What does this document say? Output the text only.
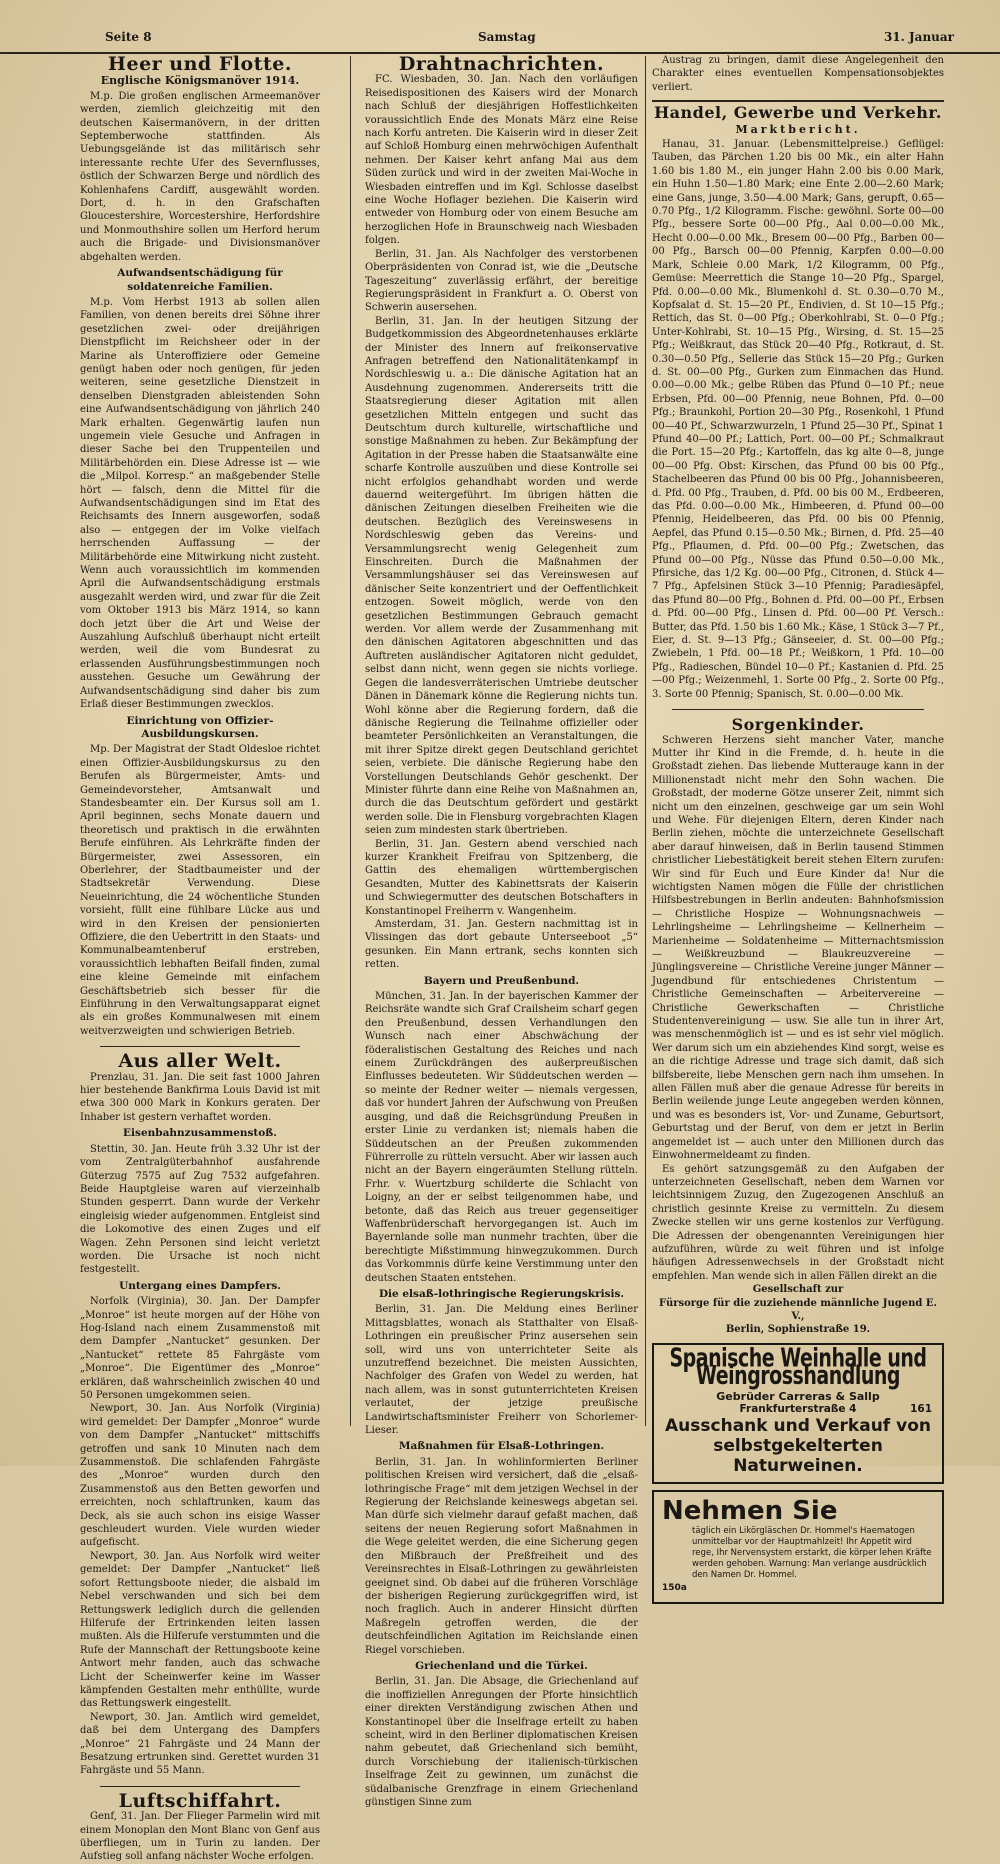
Seite 8	Samstag	31. Januar
Heer und Flotte.
Englische Königsmanöver 1914.

M.p. Die großen englischen Armeemanöver werden, ziemlich gleichzeitig mit den deutschen Kaisermanövern, in der dritten Septemberwoche stattfinden. Als Uebungsgelände ist das militärisch sehr interessante rechte Ufer des Severnflusses, östlich der Schwarzen Berge und nördlich des Kohlenhafens Cardiff, ausgewählt worden. Dort, d. h. in den Grafschaften Gloucestershire, Worcestershire, Herfordshire und Monmouthshire sollen um Herford herum auch die Brigade- und Divisionsmanöver abgehalten werden.

Aufwandsentschädigung für soldatenreiche Familien.

M.p. Vom Herbst 1913 ab sollen allen Familien, von denen bereits drei Söhne ihrer gesetzlichen zwei- oder dreijährigen Dienstpflicht im Reichsheer oder in der Marine als Unteroffiziere oder Gemeine genügt haben oder noch genügen, für jeden weiteren, seine gesetzliche Dienstzeit in denselben Dienstgraden ableistenden Sohn eine Aufwandsentschädigung von jährlich 240 Mark erhalten. Gegenwärtig laufen nun ungemein viele Gesuche und Anfragen in dieser Sache bei den Truppenteilen und Militärbehörden ein. Diese Adresse ist — wie die „Milpol. Korresp.“ an maßgebender Stelle hört — falsch, denn die Mittel für die Aufwandsentschädigungen sind im Etat des Reichsamts des Innern ausgeworfen, sodaß also — entgegen der im Volke vielfach herrschenden Auffassung — der Militärbehörde eine Mitwirkung nicht zusteht. Wenn auch voraussichtlich im kommenden April die Aufwandsentschädigung erstmals ausgezahlt werden wird, und zwar für die Zeit vom Oktober 1913 bis März 1914, so kann doch jetzt über die Art und Weise der Auszahlung Aufschluß überhaupt nicht erteilt werden, weil die vom Bundesrat zu erlassenden Ausführungsbestimmungen noch ausstehen. Gesuche um Gewährung der Aufwandsentschädigung sind daher bis zum Erlaß dieser Bestimmungen zwecklos.

Einrichtung von Offizier-Ausbildungskursen.

Mp. Der Magistrat der Stadt Oldesloe richtet einen Offizier-Ausbildungskursus zu den Berufen als Bürgermeister, Amts- und Gemeindevorsteher, Amtsanwalt und Standesbeamter ein. Der Kursus soll am 1. April beginnen, sechs Monate dauern und theoretisch und praktisch in die erwähnten Berufe einführen. Als Lehrkräfte finden der Bürgermeister, zwei Assessoren, ein Oberlehrer, der Stadtbaumeister und der Stadtsekretär Verwendung. Diese Neueinrichtung, die 24 wöchentliche Stunden vorsieht, füllt eine fühlbare Lücke aus und wird in den Kreisen der pensionierten Offiziere, die den Uebertritt in den Staats- und Kommunalbeamtenberuf erstreben, voraussichtlich lebhaften Beifall finden, zumal eine kleine Gemeinde mit einfachem Geschäftsbetrieb sich besser für die Einführung in den Verwaltungsapparat eignet als ein großes Kommunalwesen mit einem weitverzweigten und schwierigen Betrieb.

Aus aller Welt.

Prenzlau, 31. Jan. Die seit fast 1000 Jahren hier bestehende Bankfirma Louis David ist mit etwa 300 000 Mark in Konkurs geraten. Der Inhaber ist gestern verhaftet worden.

Eisenbahnzusammenstoß.

Stettin, 30. Jan. Heute früh 3.32 Uhr ist der vom Zentralgüterbahnhof ausfahrende Güterzug 7575 auf Zug 7532 aufgefahren. Beide Hauptgleise waren auf vierzeinhalb Stunden gesperrt. Dann wurde der Verkehr eingleisig wieder aufgenommen. Entgleist sind die Lokomotive des einen Zuges und elf Wagen. Zehn Personen sind leicht verletzt worden. Die Ursache ist noch nicht festgestellt.

Untergang eines Dampfers.

Norfolk (Virginia), 30. Jan. Der Dampfer „Monroe“ ist heute morgen auf der Höhe von Hog-Island nach einem Zusammenstoß mit dem Dampfer „Nantucket“ gesunken. Der „Nantucket“ rettete 85 Fahrgäste vom „Monroe“. Die Eigentümer des „Monroe“ erklären, daß wahrscheinlich zwischen 40 und 50 Personen umgekommen seien.

Newport, 30. Jan. Aus Norfolk (Virginia) wird gemeldet: Der Dampfer „Monroe“ wurde von dem Dampfer „Nantucket“ mittschiffs getroffen und sank 10 Minuten nach dem Zusammenstoß. Die schlafenden Fahrgäste des „Monroe“ wurden durch den Zusammenstoß aus den Betten geworfen und erreichten, noch schlaftrunken, kaum das Deck, als sie auch schon ins eisige Wasser geschleudert wurden. Viele wurden wieder aufgefischt.

Newport, 30. Jan. Aus Norfolk wird weiter gemeldet: Der Dampfer „Nantucket“ ließ sofort Rettungsboote nieder, die alsbald im Nebel verschwanden und sich bei dem Rettungswerk lediglich durch die gellenden Hilferufe der Ertrinkenden leiten lassen mußten. Als die Hilferufe verstummten und die Rufe der Mannschaft der Rettungsboote keine Antwort mehr fanden, auch das schwache Licht der Scheinwerfer keine im Wasser kämpfenden Gestalten mehr enthüllte, wurde das Rettungswerk eingestellt.

Newport, 30. Jan. Amtlich wird gemeldet, daß bei dem Untergang des Dampfers „Monroe“ 21 Fahrgäste und 24 Mann der Besatzung ertrunken sind. Gerettet wurden 31 Fahrgäste und 55 Mann.

Luftschiffahrt.

Genf, 31. Jan. Der Flieger Parmelin wird mit einem Monoplan den Mont Blanc von Genf aus überfliegen, um in Turin zu landen. Der Aufstieg soll anfang nächster Woche erfolgen.

Drahtnachrichten.

FC. Wiesbaden, 30. Jan. Nach den vorläufigen Reisedispositionen des Kaisers wird der Monarch nach Schluß der diesjährigen Hoffestlichkeiten voraussichtlich Ende des Monats März eine Reise nach Korfu antreten. Die Kaiserin wird in dieser Zeit auf Schloß Homburg einen mehrwöchigen Aufenthalt nehmen. Der Kaiser kehrt anfang Mai aus dem Süden zurück und wird in der zweiten Mai-Woche in Wiesbaden eintreffen und im Kgl. Schlosse daselbst eine Woche Hoflager beziehen. Die Kaiserin wird entweder von Homburg oder von einem Besuche am herzoglichen Hofe in Braunschweig nach Wiesbaden folgen.

Berlin, 31. Jan. Als Nachfolger des verstorbenen Oberpräsidenten von Conrad ist, wie die „Deutsche Tageszeitung“ zuverlässig erfährt, der bereitige Regierungspräsident in Frankfurt a. O. Oberst von Schwerin ausersehen.

Berlin, 31. Jan. In der heutigen Sitzung der Budgetkommission des Abgeordnetenhauses erklärte der Minister des Innern auf freikonservative Anfragen betreffend den Nationalitätenkampf in Nordschleswig u. a.: Die dänische Agitation hat an Ausdehnung zugenommen. Andererseits tritt die Staatsregierung dieser Agitation mit allen gesetzlichen Mitteln entgegen und sucht das Deutschtum durch kulturelle, wirtschaftliche und sonstige Maßnahmen zu heben. Zur Bekämpfung der Agitation in der Presse haben die Staatsanwälte eine scharfe Kontrolle auszuüben und diese Kontrolle sei nicht erfolglos gehandhabt worden und werde dauernd weitergeführt. Im übrigen hätten die dänischen Zeitungen dieselben Freiheiten wie die deutschen. Bezüglich des Vereinswesens in Nordschleswig geben das Vereins- und Versammlungsrecht wenig Gelegenheit zum Einschreiten. Durch die Maßnahmen der Versammlungshäuser sei das Vereinswesen auf dänischer Seite konzentriert und der Oeffentlichkeit entzogen. Soweit möglich, werde von den gesetzlichen Bestimmungen Gebrauch gemacht werden. Vor allem werde der Zusammenhang mit den dänischen Agitatoren abgeschnitten und das Auftreten ausländischer Agitatoren nicht geduldet, selbst dann nicht, wenn gegen sie nichts vorliege. Gegen die landesverräterischen Umtriebe deutscher Dänen in Dänemark könne die Regierung nichts tun. Wohl könne aber die Regierung fordern, daß die dänische Regierung die Teilnahme offizieller oder beamteter Persönlichkeiten an Veranstaltungen, die mit ihrer Spitze direkt gegen Deutschland gerichtet seien, verbiete. Die dänische Regierung habe den Vorstellungen Deutschlands Gehör geschenkt. Der Minister führte dann eine Reihe von Maßnahmen an, durch die das Deutschtum gefördert und gestärkt werden solle. Die in Flensburg vorgebrachten Klagen seien zum mindesten stark übertrieben.

Berlin, 31. Jan. Gestern abend verschied nach kurzer Krankheit Freifrau von Spitzenberg, die Gattin des ehemaligen württembergischen Gesandten, Mutter des Kabinettsrats der Kaiserin und Schwiegermutter des deutschen Botschafters in Konstantinopel Freiherrn v. Wangenheim.

Amsterdam, 31. Jan. Gestern nachmittag ist in Vlissingen das dort gebaute Unterseeboot „5“ gesunken. Ein Mann ertrank, sechs konnten sich retten.

Bayern und Preußenbund.

München, 31. Jan. In der bayerischen Kammer der Reichsräte wandte sich Graf Crailsheim scharf gegen den Preußenbund, dessen Verhandlungen den Wunsch nach einer Abschwächung der föderalistischen Gestaltung des Reiches und nach einem Zurückdrängen des außerpreußischen Einflusses bedeuteten. Wir Süddeutschen werden — so meinte der Redner weiter — niemals vergessen, daß vor hundert Jahren der Aufschwung von Preußen ausging, und daß die Reichsgründung Preußen in erster Linie zu verdanken ist; niemals haben die Süddeutschen an der Preußen zukommenden Führerrolle zu rütteln versucht. Aber wir lassen auch nicht an der Bayern eingeräumten Stellung rütteln. Frhr. v. Wuertzburg schilderte die Schlacht von Loigny, an der er selbst teilgenommen habe, und betonte, daß das Reich aus treuer gegenseitiger Waffenbrüderschaft hervorgegangen ist. Auch im Bayernlande solle man nunmehr trachten, über die berechtigte Mißstimmung hinwegzukommen. Durch das Vorkommnis dürfe keine Verstimmung unter den deutschen Staaten entstehen.

Die elsaß-lothringische Regierungskrisis.

Berlin, 31. Jan. Die Meldung eines Berliner Mittagsblattes, wonach als Statthalter von Elsaß-Lothringen ein preußischer Prinz ausersehen sein soll, wird uns von unterrichteter Seite als unzutreffend bezeichnet. Die meisten Aussichten, Nachfolger des Grafen von Wedel zu werden, hat nach allem, was in sonst gutunterrichteten Kreisen verlautet, der jetzige preußische Landwirtschaftsminister Freiherr von Schorlemer-Lieser.

Maßnahmen für Elsaß-Lothringen.

Berlin, 31. Jan. In wohlinformierten Berliner politischen Kreisen wird versichert, daß die „elsaß-lothringische Frage“ mit dem jetzigen Wechsel in der Regierung der Reichslande keineswegs abgetan sei. Man dürfe sich vielmehr darauf gefaßt machen, daß seitens der neuen Regierung sofort Maßnahmen in die Wege geleitet werden, die eine Sicherung gegen den Mißbrauch der Preßfreiheit und des Vereinsrechtes in Elsaß-Lothringen zu gewährleisten geeignet sind. Ob dabei auf die früheren Vorschläge der bisherigen Regierung zurückgegriffen wird, ist noch fraglich. Auch in anderer Hinsicht dürften Maßregeln getroffen werden, die der deutschfeindlichen Agitation im Reichslande einen Riegel vorschieben.

Griechenland und die Türkei.

Berlin, 31. Jan. Die Absage, die Griechenland auf die inoffiziellen Anregungen der Pforte hinsichtlich einer direkten Verständigung zwischen Athen und Konstantinopel über die Inselfrage erteilt zu haben scheint, wird in den Berliner diplomatischen Kreisen nahm gebeutet, daß Griechenland sich bemüht, durch Vorschiebung der italienisch-türkischen Inselfrage Zeit zu gewinnen, um zunächst die südalbanische Grenzfrage in einem Griechenland günstigen Sinne zum

Austrag zu bringen, damit diese Angelegenheit den Charakter eines eventuellen Kompensationsobjektes verliert.

Handel, Gewerbe und Verkehr.
Marktbericht.

Hanau, 31. Januar. (Lebensmittelpreise.) Geflügel: Tauben, das Pärchen 1.20 bis 00 Mk., ein alter Hahn 1.60 bis 1.80 M., ein junger Hahn 2.00 bis 0.00 Mark, ein Huhn 1.50—1.80 Mark; eine Ente 2.00—2.60 Mark; eine Gans, junge, 3.50—4.00 Mark; Gans, gerupft, 0.65—0.70 Pfg., 1/2 Kilogramm. Fische: gewöhnl. Sorte 00—00 Pfg., bessere Sorte 00—00 Pfg., Aal 0.00—0.00 Mk., Hecht 0.00—0.00 Mk., Bresem 00—00 Pfg., Barben 00—00 Pfg., Barsch 00—00 Pfennig, Karpfen 0.00—0.00 Mark, Schleie 0.00 Mark, 1/2 Kilogramm, 00 Pfg., Gemüse: Meerrettich die Stange 10—20 Pfg., Spargel, Pfd. 0.00—0.00 Mk., Blumenkohl d. St. 0.30—0.70 M., Kopfsalat d. St. 15—20 Pf., Endivien, d. St 10—15 Pfg.; Rettich, das St. 0—00 Pfg.; Oberkohlrabi, St. 0—0 Pfg.; Unter-Kohlrabi, St. 10—15 Pfg., Wirsing, d. St. 15—25 Pfg.; Weißkraut, das Stück 20—40 Pfg., Rotkraut, d. St. 0.30—0.50 Pfg., Sellerie das Stück 15—20 Pfg.; Gurken d. St. 00—00 Pfg., Gurken zum Einmachen das Hund. 0.00—0.00 Mk.; gelbe Rüben das Pfund 0—10 Pf.; neue Erbsen, Pfd. 00—00 Pfennig, neue Bohnen, Pfd. 0—00 Pfg.; Braunkohl, Portion 20—30 Pfg., Rosenkohl, 1 Pfund 00—40 Pf., Schwarzwurzeln, 1 Pfund 25—30 Pf., Spinat 1 Pfund 40—00 Pf.; Lattich, Port. 00—00 Pf.; Schmalkraut die Port. 15—20 Pfg.; Kartoffeln, das kg alte 0—8, junge 00—00 Pfg. Obst: Kirschen, das Pfund 00 bis 00 Pfg., Stachelbeeren das Pfund 00 bis 00 Pfg., Johannisbeeren, d. Pfd. 00 Pfg., Trauben, d. Pfd. 00 bis 00 M., Erdbeeren, das Pfd. 0.00—0.00 Mk., Himbeeren, d. Pfund 00—00 Pfennig, Heidelbeeren, das Pfd. 00 bis 00 Pfennig, Aepfel, das Pfund 0.15—0.50 Mk.; Birnen, d. Pfd. 25—40 Pfg., Pflaumen, d. Pfd. 00—00 Pfg.; Zwetschen, das Pfund 00—00 Pfg., Nüsse das Pfund 0.50—0.00 Mk., Pfirsiche, das 1/2 Kg. 00—00 Pfg., Citronen, d. Stück 4—7 Pfg., Apfelsinen Stück 3—10 Pfennig; Paradiesäpfel, das Pfund 80—00 Pfg., Bohnen d. Pfd. 00—00 Pf., Erbsen d. Pfd. 00—00 Pfg., Linsen d. Pfd. 00—00 Pf. Versch.: Butter, das Pfd. 1.50 bis 1.60 Mk.; Käse, 1 Stück 3—7 Pf., Eier, d. St. 9—13 Pfg.; Gänseeier, d. St. 00—00 Pfg.; Zwiebeln, 1 Pfd. 00—18 Pf.; Weißkorn, 1 Pfd. 10—00 Pfg., Radieschen, Bündel 10—0 Pf.; Kastanien d. Pfd. 25—00 Pfg.; Weizenmehl, 1. Sorte 00 Pfg., 2. Sorte 00 Pfg., 3. Sorte 00 Pfennig; Spanisch, St. 0.00—0.00 Mk.

Sorgenkinder.

Schweren Herzens sieht mancher Vater, manche Mutter ihr Kind in die Fremde, d. h. heute in die Großstadt ziehen. Das liebende Mutterauge kann in der Millionenstadt nicht mehr den Sohn wachen. Die Großstadt, der moderne Götze unserer Zeit, nimmt sich nicht um den einzelnen, geschweige gar um sein Wohl und Wehe. Für diejenigen Eltern, deren Kinder nach Berlin ziehen, möchte die unterzeichnete Gesellschaft aber darauf hinweisen, daß in Berlin tausend Stimmen christlicher Liebestätigkeit bereit stehen Eltern zurufen: Wir sind für Euch und Eure Kinder da! Nur die wichtigsten Namen mögen die Fülle der christlichen Hilfsbestrebungen in Berlin andeuten: Bahnhofsmission — Christliche Hospize — Wohnungsnachweis — Lehrlingsheime — Lehrlingsheime — Kellnerheim — Marienheime — Soldatenheime — Mitternachtsmission — Weißkreuzbund — Blaukreuzvereine — Jünglingsvereine — Christliche Vereine junger Männer — Jugendbund für entschiedenes Christentum — Christliche Gemeinschaften — Arbeitervereine — Christliche Gewerkschaften — Christliche Studentenvereinigung — usw. Sie alle tun in ihrer Art, was menschenmöglich ist — und es ist sehr viel möglich. Wer darum sich um ein abziehendes Kind sorgt, weise es an die richtige Adresse und trage sich damit, daß sich bilfsbereite, liebe Menschen gern nach ihm umsehen. In allen Fällen muß aber die genaue Adresse für bereits in Berlin weilende junge Leute angegeben werden können, und was es besonders ist, Vor- und Zuname, Geburtsort, Geburtstag und der Beruf, von dem er jetzt in Berlin angemeldet ist — auch unter den Millionen durch das Einwohnermeldeamt zu finden.

Es gehört satzungsgemäß zu den Aufgaben der unterzeichneten Gesellschaft, neben dem Warnen vor leichtsinnigem Zuzug, den Zugezogenen Anschluß an christlich gesinnte Kreise zu vermitteln. Zu diesem Zwecke stellen wir uns gerne kostenlos zur Verfügung. Die Adressen der obengenannten Vereinigungen hier aufzuführen, würde zu weit führen und ist infolge häufigen Adressenwechsels in der Großstadt nicht empfehlen. Man wende sich in allen Fällen direkt an die

Gesellschaft zur
Fürsorge für die zuziehende männliche Jugend E. V.,
Berlin, Sophienstraße 19.
Spanische Weinhalle und Weingrosshandlung
Gebrüder Carreras & Sallp
Frankfurterstraße 4	161
Ausschank und Verkauf von
selbstgekelterten Naturweinen.
Nehmen Sie
täglich ein Likörgläschen Dr. Hommel's Haematogen unmittelbar vor der Hauptmahlzeit! Ihr Appetit wird rege, Ihr Nervensystem erstarkt, die körper lehen Kräfte werden gehoben. Warnung: Man verlange ausdrücklich den Namen Dr. Hommel.
150a
